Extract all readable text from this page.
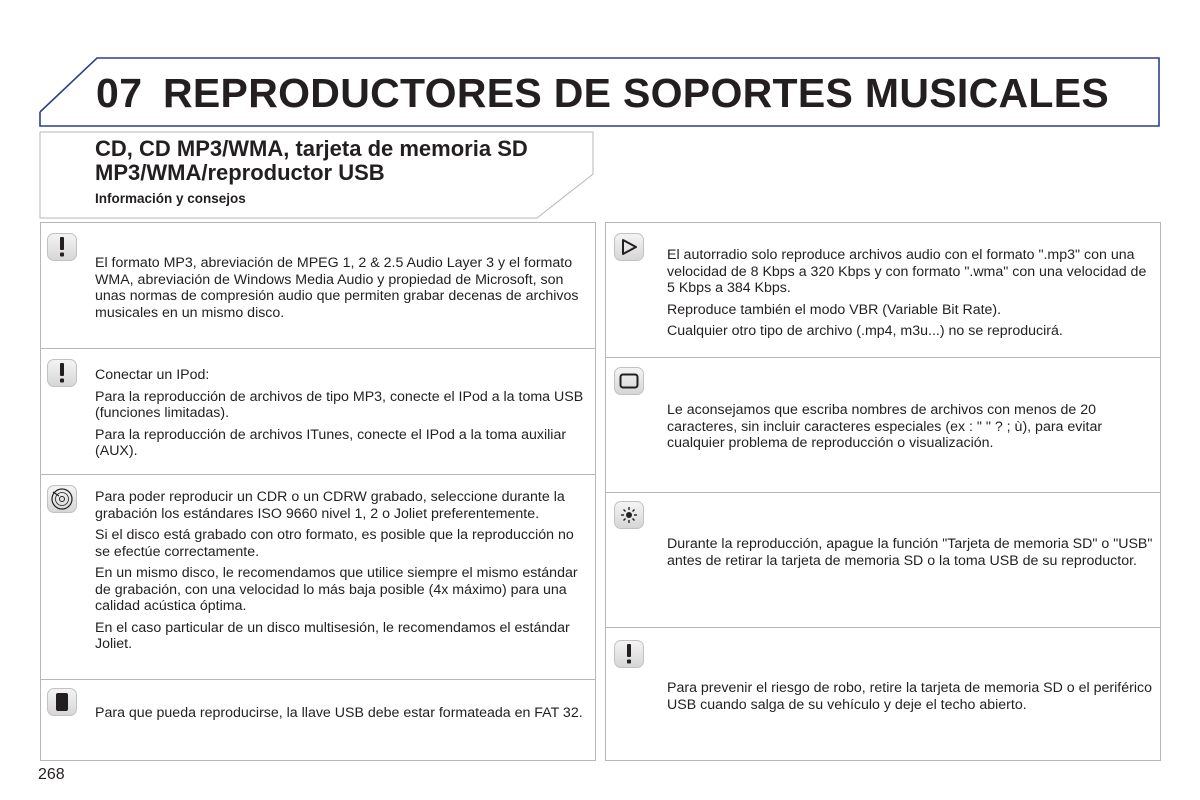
07 REPRODUCTORES DE SOPORTES MUSICALES
CD, CD MP3/WMA, tarjeta de memoria SD MP3/WMA/reproductor USB
Información y consejos

El formato MP3, abreviación de MPEG 1, 2 & 2.5 Audio Layer 3 y el formato WMA, abreviación de Windows Media Audio y propiedad de Microsoft, son unas normas de compresión audio que permiten grabar decenas de archivos musicales en un mismo disco.

Conectar un IPod:

Para la reproducción de archivos de tipo MP3, conecte el IPod a la toma USB (funciones limitadas).

Para la reproducción de archivos ITunes, conecte el IPod a la toma auxiliar (AUX).

Para poder reproducir un CDR o un CDRW grabado, seleccione durante la grabación los estándares ISO 9660 nivel 1, 2 o Joliet preferentemente.

Si el disco está grabado con otro formato, es posible que la reproducción no se efectúe correctamente.

En un mismo disco, le recomendamos que utilice siempre el mismo estándar de grabación, con una velocidad lo más baja posible (4x máximo) para una calidad acústica óptima.

En el caso particular de un disco multisesión, le recomendamos el estándar Joliet.

Para que pueda reproducirse, la llave USB debe estar formateada en FAT 32.

El autorradio solo reproduce archivos audio con el formato ".mp3" con una velocidad de 8 Kbps a 320 Kbps y con formato ".wma" con una velocidad de 5 Kbps a 384 Kbps.

Reproduce también el modo VBR (Variable Bit Rate).

Cualquier otro tipo de archivo (.mp4, m3u...) no se reproducirá.

Le aconsejamos que escriba nombres de archivos con menos de 20 caracteres, sin incluir caracteres especiales (ex : " " ? ; ù), para evitar cualquier problema de reproducción o visualización.

Durante la reproducción, apague la función "Tarjeta de memoria SD" o "USB" antes de retirar la tarjeta de memoria SD o la toma USB de su reproductor.

Para prevenir el riesgo de robo, retire la tarjeta de memoria SD o el periférico USB cuando salga de su vehículo y deje el techo abierto.

268
